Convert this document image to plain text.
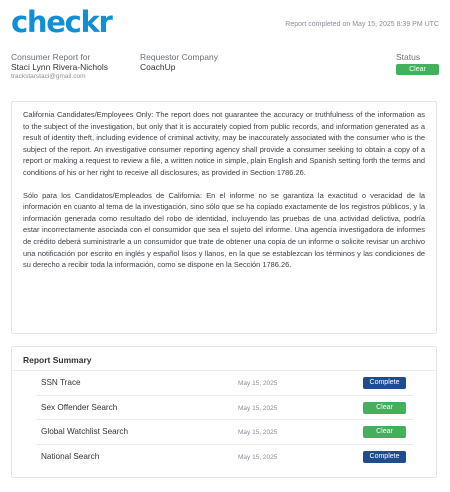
checkr	Report completed on May 15, 2025 8:39 PM UTC
Consumer Report for
Staci Lynn Rivera-Nichols
trackstarstaci@gmail.com
Requestor Company
CoachUp
Status
Clear

California Candidates/Employees Only: The report does not guarantee the accuracy or truthfulness of the information as to the subject of the investigation, but only that it is accurately copied from public records, and information generated as a result of identity theft, including evidence of criminal activity, may be inaccurately associated with the consumer who is the subject of the report. An investigative consumer reporting agency shall provide a consumer seeking to obtain a copy of a report or making a request to review a file, a written notice in simple, plain English and Spanish setting forth the terms and conditions of his or her right to receive all disclosures, as provided in Section 1786.26.

Sólo para los Candidatos/Empleados de California: En el informe no se garantiza la exactitud o veracidad de la información en cuanto al tema de la investigación, sino sólo que se ha copiado exactamente de los registros públicos, y la información generada como resultado del robo de identidad, incluyendo las pruebas de una actividad delictiva, podría estar incorrectamente asociada con el consumidor que sea el sujeto del informe. Una agencia investigadora de informes de crédito deberá suministrarle a un consumidor que trate de obtener una copia de un informe o solicite revisar un archivo una notificación por escrito en inglés y español lisos y llanos, en la que se establezcan los términos y las condiciones de su derecho a recibir toda la información, como se dispone en la Sección 1786.26.

Report Summary
SSN Trace	May 15, 2025	Complete
Sex Offender Search	May 15, 2025	Clear
Global Watchlist Search	May 15, 2025	Clear
National Search	May 15, 2025	Complete
